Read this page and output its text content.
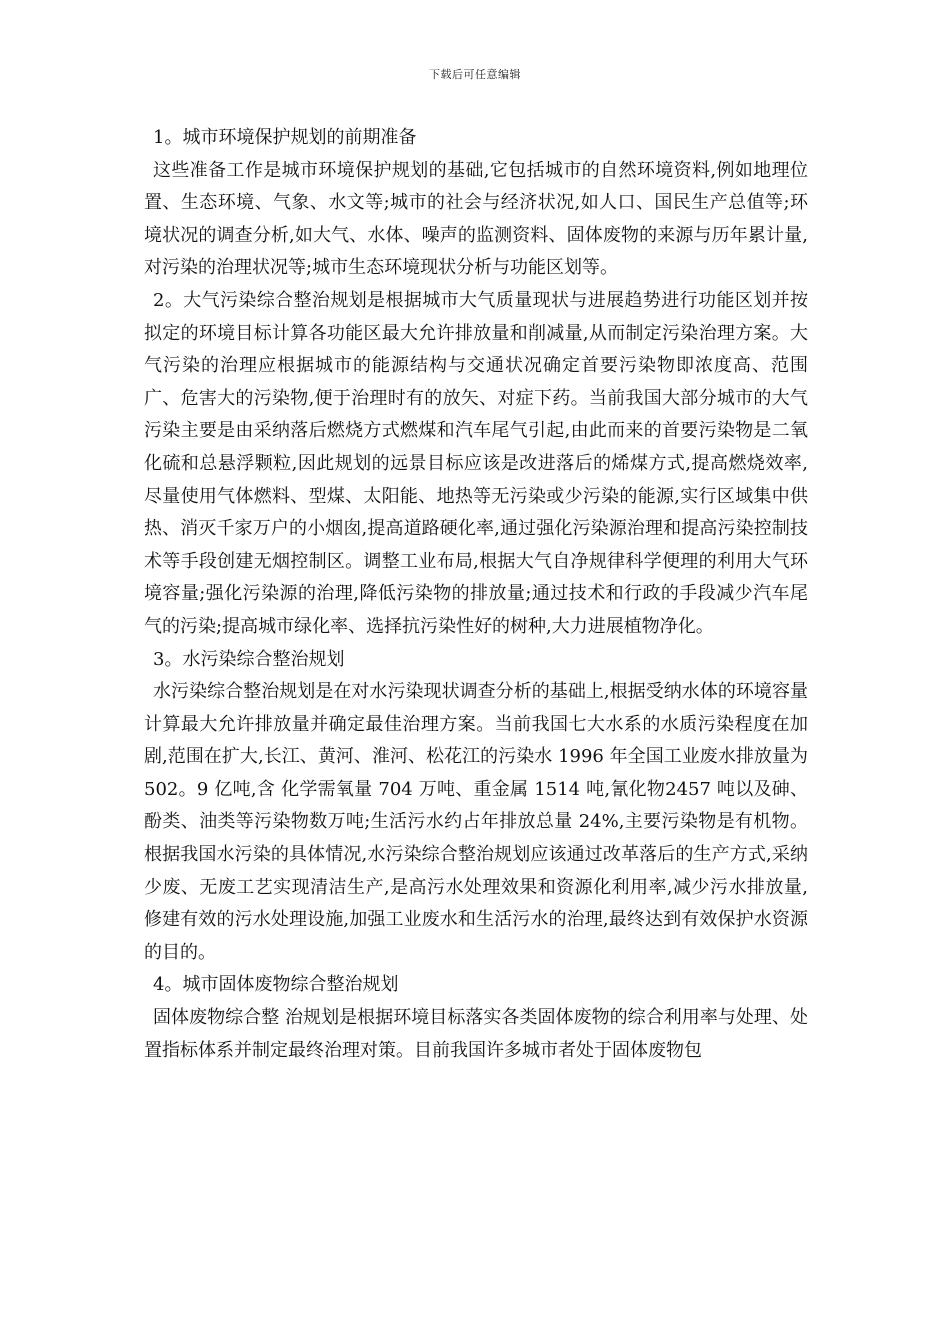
下载后可任意编辑

1。城市环境保护规划的前期准备

这些准备工作是城市环境保护规划的基础,它包括城市的自然环境资料,例如地理位置、生态环境、气象、水文等;城市的社会与经济状况,如人口、国民生产总值等;环境状况的调查分析,如大气、水体、噪声的监测资料、固体废物的来源与历年累计量,对污染的治理状况等;城市生态环境现状分析与功能区划等。

2。大气污染综合整治规划是根据城市大气质量现状与进展趋势进行功能区划并按拟定的环境目标计算各功能区最大允许排放量和削减量,从而制定污染治理方案。大气污染的治理应根据城市的能源结构与交通状况确定首要污染物即浓度高、范围广、危害大的污染物,便于治理时有的放矢、对症下药。当前我国大部分城市的大气污染主要是由采纳落后燃烧方式燃煤和汽车尾气引起,由此而来的首要污染物是二氧化硫和总悬浮颗粒,因此规划的远景目标应该是改进落后的烯煤方式,提高燃烧效率,尽量使用气体燃料、型煤、太阳能、地热等无污染或少污染的能源,实行区域集中供热、消灭千家万户的小烟囱,提高道路硬化率,通过强化污染源治理和提高污染控制技术等手段创建无烟控制区。调整工业布局,根据大气自净规律科学便理的利用大气环境容量;强化污染源的治理,降低污染物的排放量;通过技术和行政的手段减少汽车尾气的污染;提高城市绿化率、选择抗污染性好的树种,大力进展植物净化。

3。水污染综合整治规划

水污染综合整治规划是在对水污染现状调查分析的基础上,根据受纳水体的环境容量计算最大允许排放量并确定最佳治理方案。当前我国七大水系的水质污染程度在加剧,范围在扩大,长江、黄河、淮河、松花江的污染水 1996 年全国工业废水排放量为 502。9 亿吨,含 化学需氧量 704 万吨、重金属 1514 吨,氰化物2457 吨以及砷、酚类、油类等污染物数万吨;生活污水约占年排放总量 24%,主要污染物是有机物。根据我国水污染的具体情况,水污染综合整治规划应该通过改革落后的生产方式,采纳少废、无废工艺实现清洁生产,是高污水处理效果和资源化利用率,减少污水排放量,修建有效的污水处理设施,加强工业废水和生活污水的治理,最终达到有效保护水资源的目的。

4。城市固体废物综合整治规划

固体废物综合整 治规划是根据环境目标落实各类固体废物的综合利用率与处理、处置指标体系并制定最终治理对策。目前我国许多城市者处于固体废物包
